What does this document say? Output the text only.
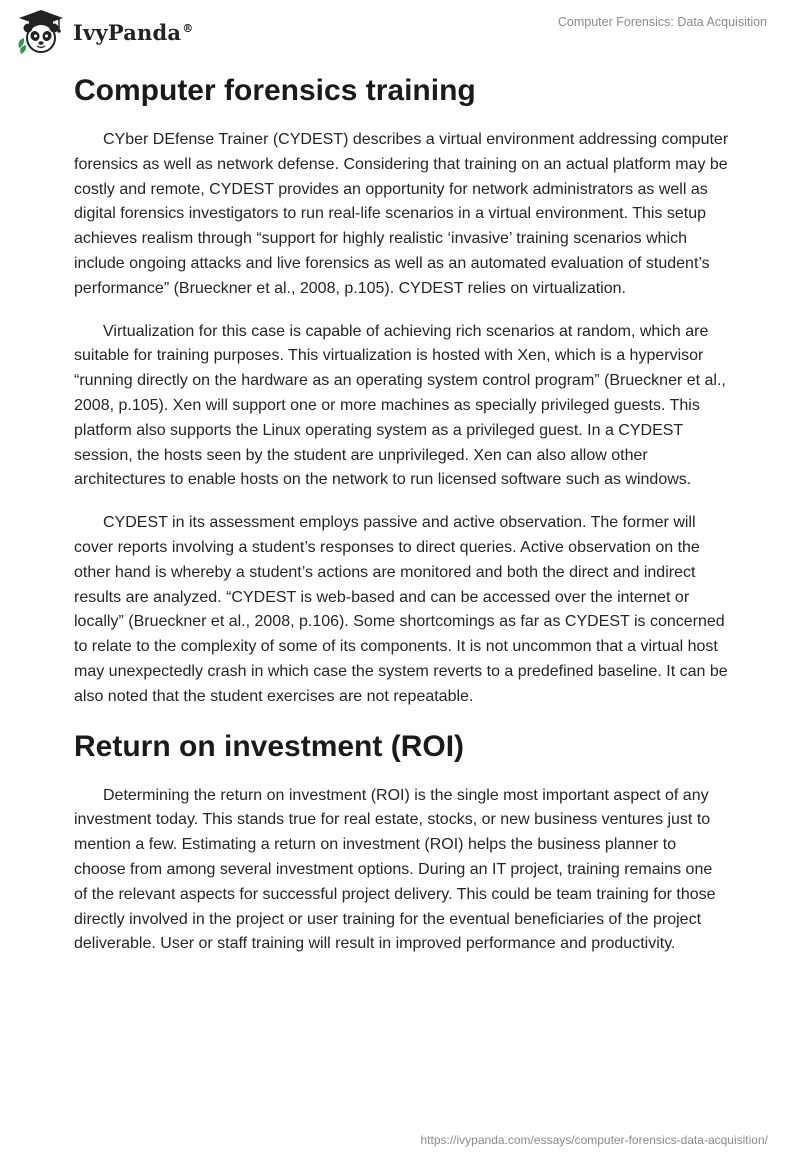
IvyPanda®	Computer Forensics: Data Acquisition
Computer forensics training

CYber DEfense Trainer (CYDEST) describes a virtual environment addressing computer forensics as well as network defense. Considering that training on an actual platform may be costly and remote, CYDEST provides an opportunity for network administrators as well as digital forensics investigators to run real-life scenarios in a virtual environment. This setup achieves realism through “support for highly realistic ‘invasive’ training scenarios which include ongoing attacks and live forensics as well as an automated evaluation of student’s performance” (Brueckner et al., 2008, p.105). CYDEST relies on virtualization.

Virtualization for this case is capable of achieving rich scenarios at random, which are suitable for training purposes. This virtualization is hosted with Xen, which is a hypervisor “running directly on the hardware as an operating system control program” (Brueckner et al., 2008, p.105). Xen will support one or more machines as specially privileged guests. This platform also supports the Linux operating system as a privileged guest. In a CYDEST session, the hosts seen by the student are unprivileged. Xen can also allow other architectures to enable hosts on the network to run licensed software such as windows.

CYDEST in its assessment employs passive and active observation. The former will cover reports involving a student’s responses to direct queries. Active observation on the other hand is whereby a student’s actions are monitored and both the direct and indirect results are analyzed. “CYDEST is web-based and can be accessed over the internet or locally” (Brueckner et al., 2008, p.106). Some shortcomings as far as CYDEST is concerned to relate to the complexity of some of its components. It is not uncommon that a virtual host may unexpectedly crash in which case the system reverts to a predefined baseline. It can be also noted that the student exercises are not repeatable.

Return on investment (ROI)

Determining the return on investment (ROI) is the single most important aspect of any investment today. This stands true for real estate, stocks, or new business ventures just to mention a few. Estimating a return on investment (ROI) helps the business planner to choose from among several investment options. During an IT project, training remains one of the relevant aspects for successful project delivery. This could be team training for those directly involved in the project or user training for the eventual beneficiaries of the project deliverable. User or staff training will result in improved performance and productivity.

https://ivypanda.com/essays/computer-forensics-data-acquisition/
